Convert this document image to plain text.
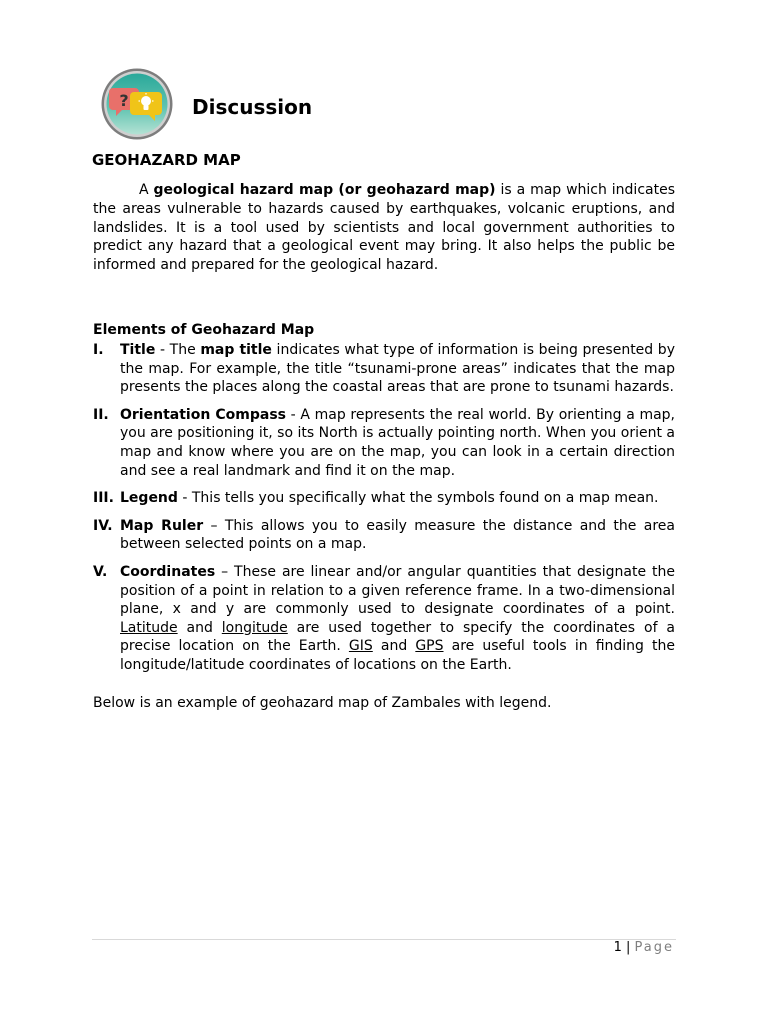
?	Discussion
GEOHAZARD MAP

A geological hazard map (or geohazard map) is a map which indicates the areas vulnerable to hazards caused by earthquakes, volcanic eruptions, and landslides. It is a tool used by scientists and local government authorities to predict any hazard that a geological event may bring. It also helps the public be informed and prepared for the geological hazard.

Elements of Geohazard Map
I.	Title - The map title indicates what type of information is being presented by the map. For example, the title “tsunami-prone areas” indicates that the map presents the places along the coastal areas that are prone to tsunami hazards.
II. Orientation Compass - A map represents the real world. By orienting a map, you are positioning it, so its North is actually pointing north. When you orient a map and know where you are on the map, you can look in a certain direction and see a real landmark and find it on the map.
III. Legend - This tells you specifically what the symbols found on a map mean.
IV. Map Ruler – This allows you to easily measure the distance and the area between selected points on a map.
V. Coordinates – These are linear and/or angular quantities that designate the position of a point in relation to a given reference frame. In a two-dimensional plane, x and y are commonly used to designate coordinates of a point. Latitude and longitude are used together to specify the coordinates of a precise location on the Earth. GIS and GPS are useful tools in finding the longitude/latitude coordinates of locations on the Earth.
Below is an example of geohazard map of Zambales with legend.
1 | Page
